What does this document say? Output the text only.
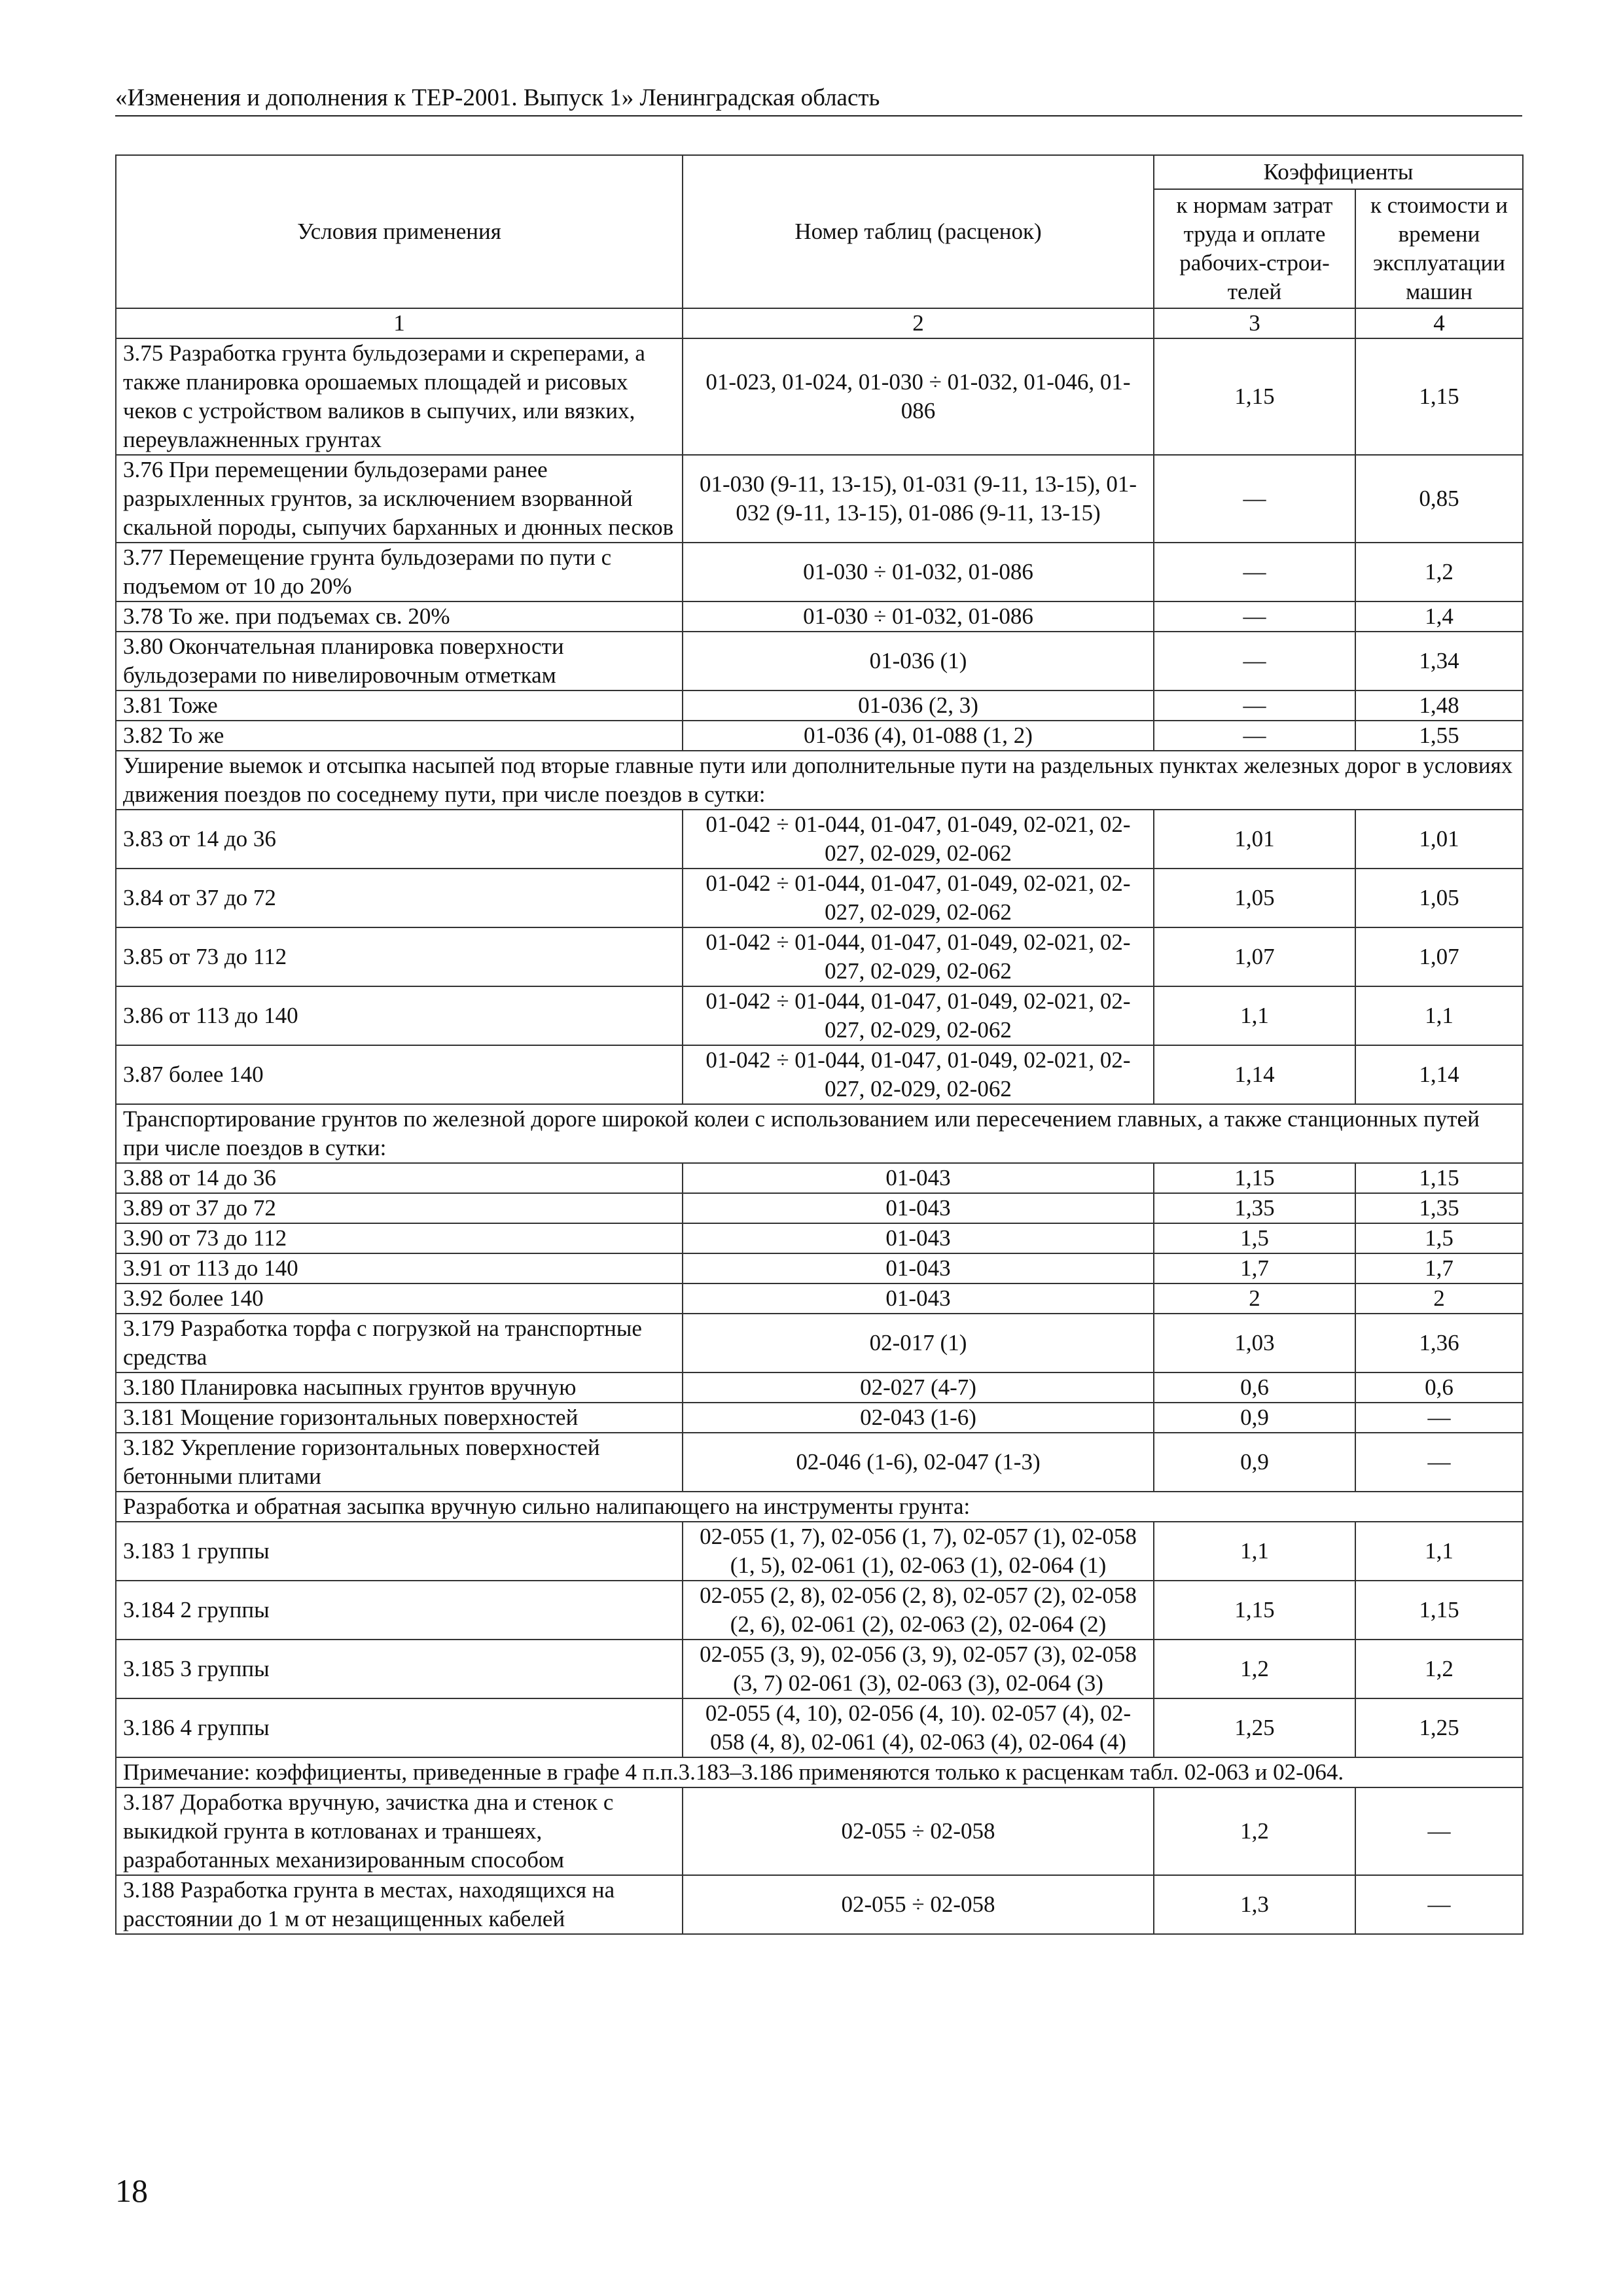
«Изменения и дополнения к ТЕР-2001. Выпуск 1» Ленинградская область
Условия применения	Номер таблиц (расценок)	Коэффициенты	
		к нормам затрат труда и оплате рабочих-строи-телей	к стоимости и времени эксплуатации машин
1	2	3	4
3.75 Разработка грунта бульдозерами и скреперами, а также планировка орошаемых площадей и рисовых чеков с устройством валиков в сыпучих, или вязких, переувлажненных грунтах	01-023, 01-024, 01-030 ÷ 01-032, 01-046, 01-086	1,15	1,15
3.76 При перемещении бульдозерами ранее разрыхленных грунтов, за исключением взорванной скальной породы, сыпучих барханных и дюнных песков	01-030 (9-11, 13-15), 01-031 (9-11, 13-15), 01-032 (9-11, 13-15), 01-086 (9-11, 13-15)	—	0,85
3.77 Перемещение грунта бульдозерами по пути с подъемом от 10 до 20%	01-030 ÷ 01-032, 01-086	—	1,2
3.78 То же. при подъемах св. 20%	01-030 ÷ 01-032, 01-086	—	1,4
3.80 Окончательная планировка поверхности бульдозерами по нивелировочным отметкам	01-036 (1)	—	1,34
3.81 Тоже	01-036 (2, 3)	—	1,48
3.82 То же	01-036 (4), 01-088 (1, 2)	—	1,55
Уширение выемок и отсыпка насыпей под вторые главные пути или дополнительные пути на раздельных пунктах железных дорог в условиях движения поездов по соседнему пути, при числе поездов в сутки:			
3.83 от 14 до 36	01-042 ÷ 01-044, 01-047, 01-049, 02-021, 02-027, 02-029, 02-062	1,01	1,01
3.84 от 37 до 72	01-042 ÷ 01-044, 01-047, 01-049, 02-021, 02-027, 02-029, 02-062	1,05	1,05
3.85 от 73 до 112	01-042 ÷ 01-044, 01-047, 01-049, 02-021, 02-027, 02-029, 02-062	1,07	1,07
3.86 от 113 до 140	01-042 ÷ 01-044, 01-047, 01-049, 02-021, 02-027, 02-029, 02-062	1,1	1,1
3.87 более 140	01-042 ÷ 01-044, 01-047, 01-049, 02-021, 02-027, 02-029, 02-062	1,14	1,14
Транспортирование грунтов по железной дороге широкой колеи с использованием или пересечением главных, а также станционных путей при числе поездов в сутки:			
3.88 от 14 до 36	01-043	1,15	1,15
3.89 от 37 до 72	01-043	1,35	1,35
3.90 от 73 до 112	01-043	1,5	1,5
3.91 от 113 до 140	01-043	1,7	1,7
3.92 более 140	01-043	2	2
3.179 Разработка торфа с погрузкой на транспортные средства	02-017 (1)	1,03	1,36
3.180 Планировка насыпных грунтов вручную	02-027 (4-7)	0,6	0,6
3.181 Мощение горизонтальных поверхностей	02-043 (1-6)	0,9	—
3.182 Укрепление горизонтальных поверхностей бетонными плитами	02-046 (1-6), 02-047 (1-3)	0,9	—
Разработка и обратная засыпка вручную сильно налипающего на инструменты грунта:			
3.183 1 группы	02-055 (1, 7), 02-056 (1, 7), 02-057 (1), 02-058 (1, 5), 02-061 (1), 02-063 (1), 02-064 (1)	1,1	1,1
3.184 2 группы	02-055 (2, 8), 02-056 (2, 8), 02-057 (2), 02-058 (2, 6), 02-061 (2), 02-063 (2), 02-064 (2)	1,15	1,15
3.185 3 группы	02-055 (3, 9), 02-056 (3, 9), 02-057 (3), 02-058 (3, 7) 02-061 (3), 02-063 (3), 02-064 (3)	1,2	1,2
3.186 4 группы	02-055 (4, 10), 02-056 (4, 10). 02-057 (4), 02-058 (4, 8), 02-061 (4), 02-063 (4), 02-064 (4)	1,25	1,25
Примечание: коэффициенты, приведенные в графе 4 п.п.3.183–3.186 применяются только к расценкам табл. 02-063 и 02-064.			
3.187 Доработка вручную, зачистка дна и стенок с выкидкой грунта в котлованах и траншеях, разработанных механизированным способом	02-055 ÷ 02-058	1,2	—
3.188 Разработка грунта в местах, находящихся на расстоянии до 1 м от незащищенных кабелей	02-055 ÷ 02-058	1,3	—
18
